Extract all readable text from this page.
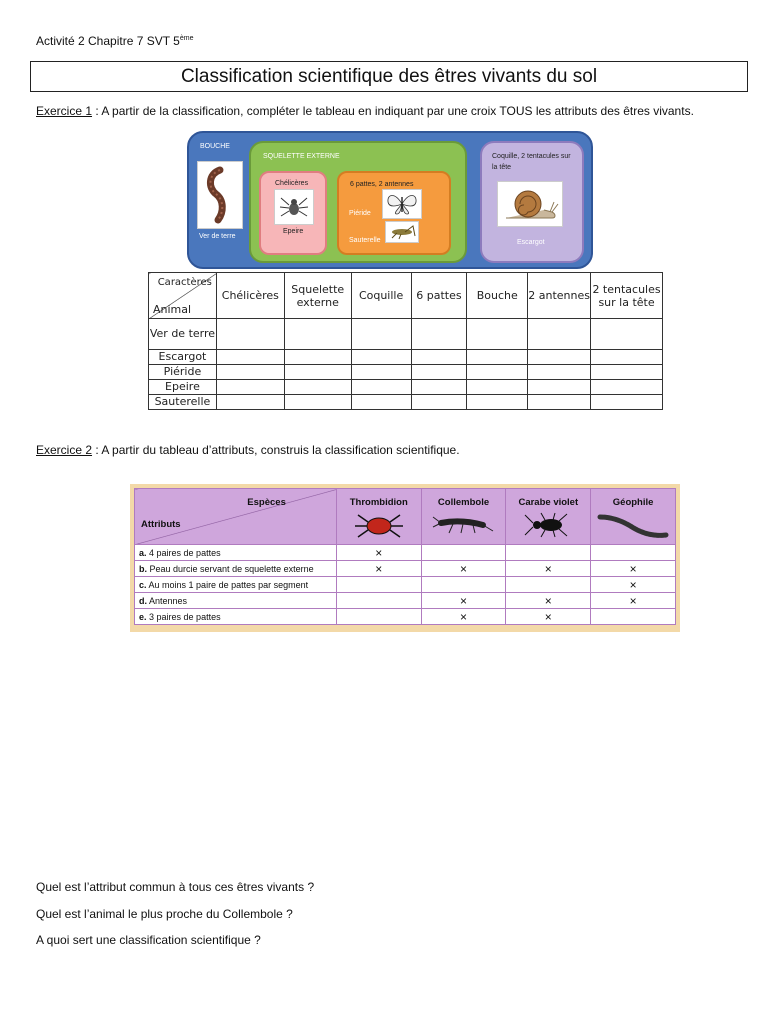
Activité 2 Chapitre 7 SVT 5ème
Classification scientifique des êtres vivants du sol
Exercice 1 : A partir de la classification, compléter le tableau en indiquant par une croix TOUS les attributs des êtres vivants.
BOUCHE
Ver de terre
SQUELETTE EXTERNE
Chélicères
Epeire
6 pattes, 2 antennes
Piéride
Sauterelle
Coquille, 2 tentacules sur la tête
Escargot
Caractères
Animal	Chélicères	Squelette externe	Coquille	6 pattes	Bouche	2 antennes	2 tentacules sur la tête
Ver de terre							
Escargot							
Piéride							
Epeire							
Sauterelle							
Exercice 2 : A partir du tableau d’attributs, construis la classification scientifique.
Espèces
Attributs	Thrombidion	Collembole	Carabe violet	Géophile

a. 4 paires de pattes	×			
b. Peau durcie servant de squelette externe	×	×	×	×
c. Au moins 1 paire de pattes par segment				×
d. Antennes		×	×	×
e. 3 paires de pattes		×	×	
Quel est l’attribut commun à tous ces êtres vivants ?
Quel est l’animal le plus proche du Collembole ?
A quoi sert une classification scientifique ?
